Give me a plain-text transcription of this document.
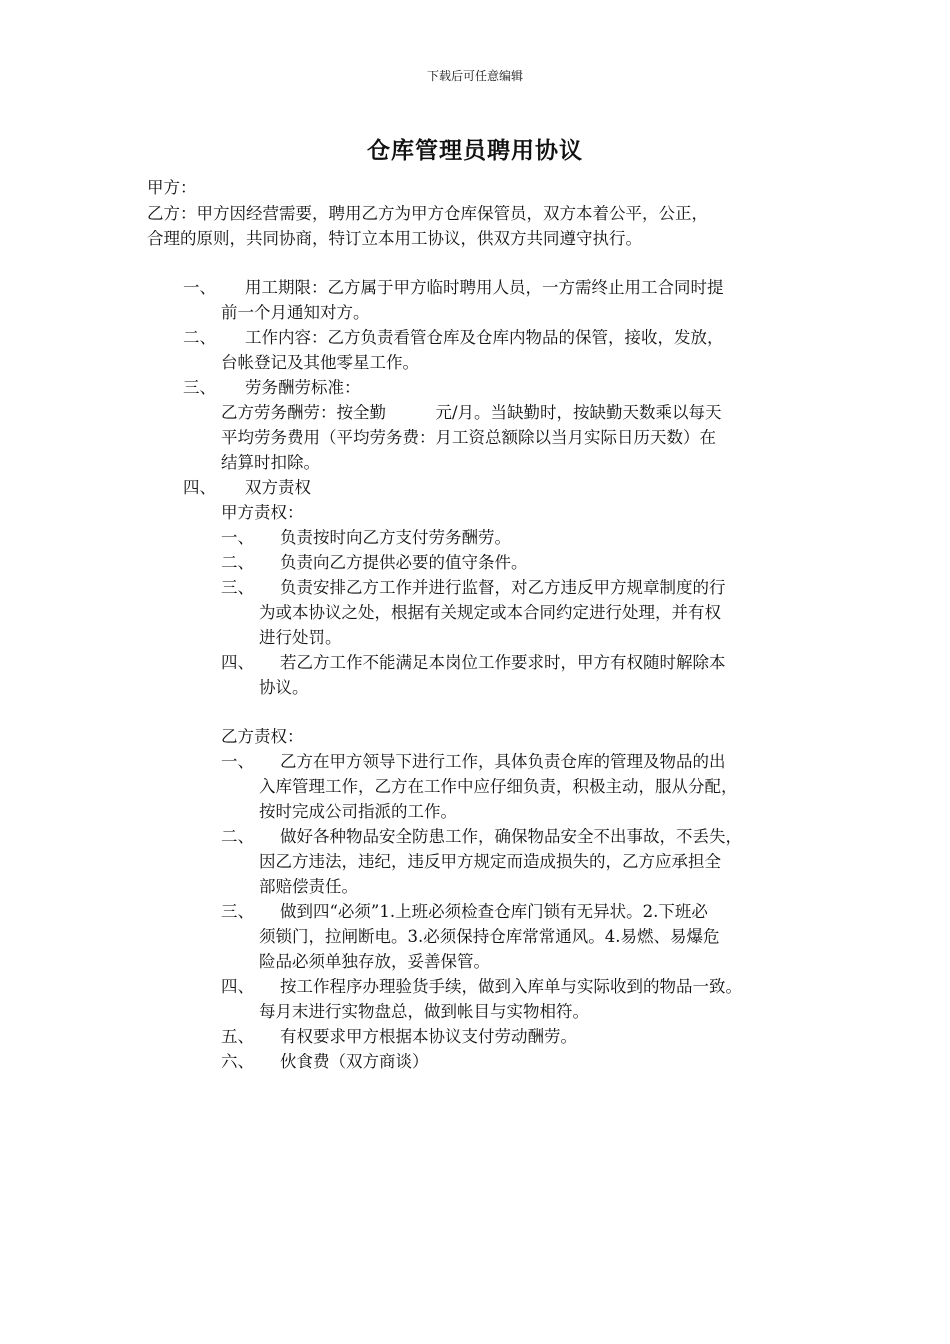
下载后可任意编辑
仓库管理员聘用协议
甲方：
乙方：甲方因经营需要，聘用乙方为甲方仓库保管员，双方本着公平，公正，
合理的原则，共同协商，特订立本用工协议，供双方共同遵守执行。
一、 用工期限：乙方属于甲方临时聘用人员，一方需终止用工合同时提
前一个月通知对方。
二、 工作内容：乙方负责看管仓库及仓库内物品的保管，接收，发放，
台帐登记及其他零星工作。
三、 劳务酬劳标准：
乙方劳务酬劳：按全勤　　　元/月。当缺勤时，按缺勤天数乘以每天
平均劳务费用（平均劳务费：月工资总额除以当月实际日历天数）在
结算时扣除。
四、 双方责权
甲方责权：
一、 负责按时向乙方支付劳务酬劳。
二、 负责向乙方提供必要的值守条件。
三、 负责安排乙方工作并进行监督，对乙方违反甲方规章制度的行
为或本协议之处，根据有关规定或本合同约定进行处理，并有权
进行处罚。
四、 若乙方工作不能满足本岗位工作要求时，甲方有权随时解除本
协议。
乙方责权：
一、 乙方在甲方领导下进行工作，具体负责仓库的管理及物品的出
入库管理工作，乙方在工作中应仔细负责，积极主动，服从分配，
按时完成公司指派的工作。
二、 做好各种物品安全防患工作，确保物品安全不出事故，不丢失，
因乙方违法，违纪，违反甲方规定而造成损失的，乙方应承担全
部赔偿责任。
三、 做到四“必须”1.上班必须检查仓库门锁有无异状。2.下班必
须锁门，拉闸断电。3.必须保持仓库常常通风。4.易燃、易爆危
险品必须单独存放，妥善保管。
四、 按工作程序办理验货手续，做到入库单与实际收到的物品一致。
每月末进行实物盘总，做到帐目与实物相符。
五、 有权要求甲方根据本协议支付劳动酬劳。
六、 伙食费（双方商谈）
